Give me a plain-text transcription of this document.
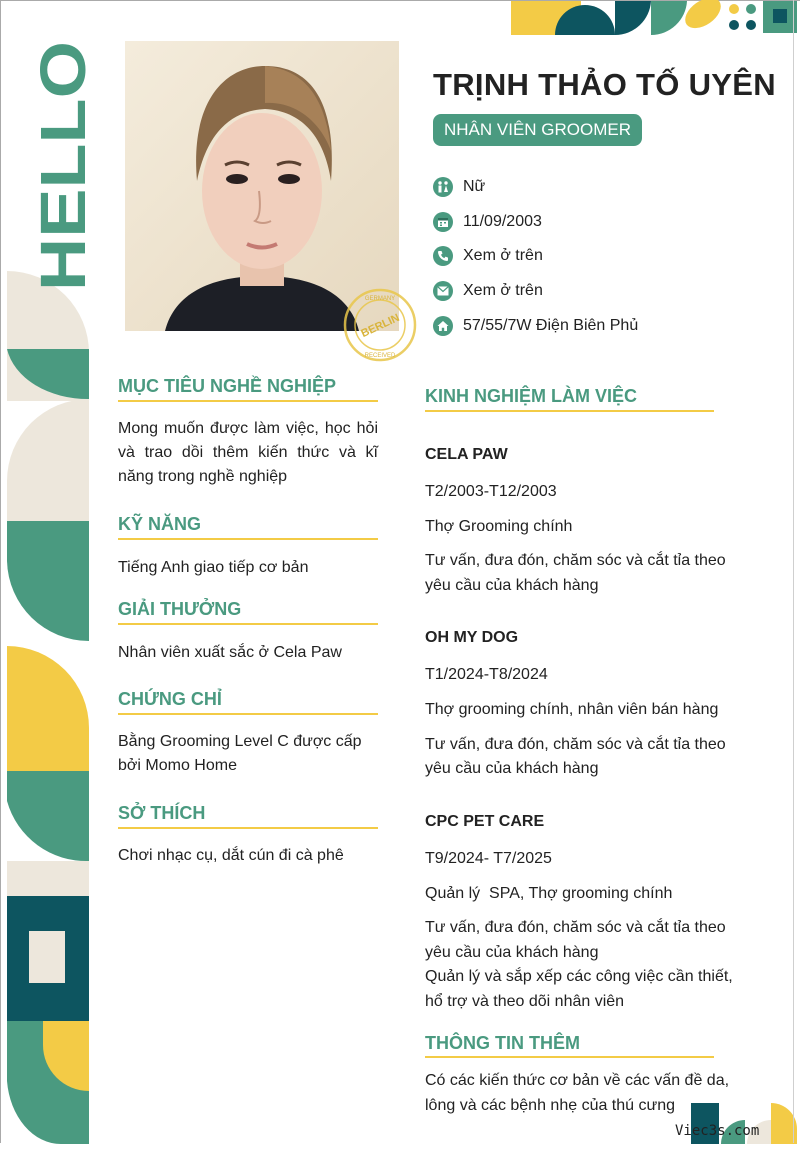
HELLO
GERMANY
BERLIN
RECEIVED
TRỊNH THẢO TỐ UYÊN
NHÂN VIÊN GROOMER
Nữ
11/09/2003
Xem ở trên
Xem ở trên
57/55/7W Điện Biên Phủ
MỤC TIÊU NGHỀ NGHIỆP
Mong muốn được làm việc, học hỏi và trao dồi thêm kiến thức và kĩ năng trong nghề nghiệp
KỸ NĂNG
Tiếng Anh giao tiếp cơ bản
GIẢI THƯỞNG
Nhân viên xuất sắc ở Cela Paw
CHỨNG CHỈ
Bằng Grooming Level C được cấp
bởi Momo Home
SỞ THÍCH
Chơi nhạc cụ, dắt cún đi cà phê
KINH NGHIỆM LÀM VIỆC
CELA PAW
T2/2003-T12/2003
Thợ Grooming chính
Tư vấn, đưa đón, chăm sóc và cắt tỉa theo
yêu cầu của khách hàng
OH MY DOG
T1/2024-T8/2024
Thợ grooming chính, nhân viên bán hàng
Tư vấn, đưa đón, chăm sóc và cắt tỉa theo
yêu cầu của khách hàng
CPC PET CARE
T9/2024- T7/2025
Quản lý  SPA, Thợ grooming chính
Tư vấn, đưa đón, chăm sóc và cắt tỉa theo
yêu cầu của khách hàng
Quản lý và sắp xếp các công việc cần thiết,
hổ trợ và theo dõi nhân viên
THÔNG TIN THÊM
Có các kiến thức cơ bản về các vấn đề da,
lông và các bệnh nhẹ của thú cưng
Viec3s.com
